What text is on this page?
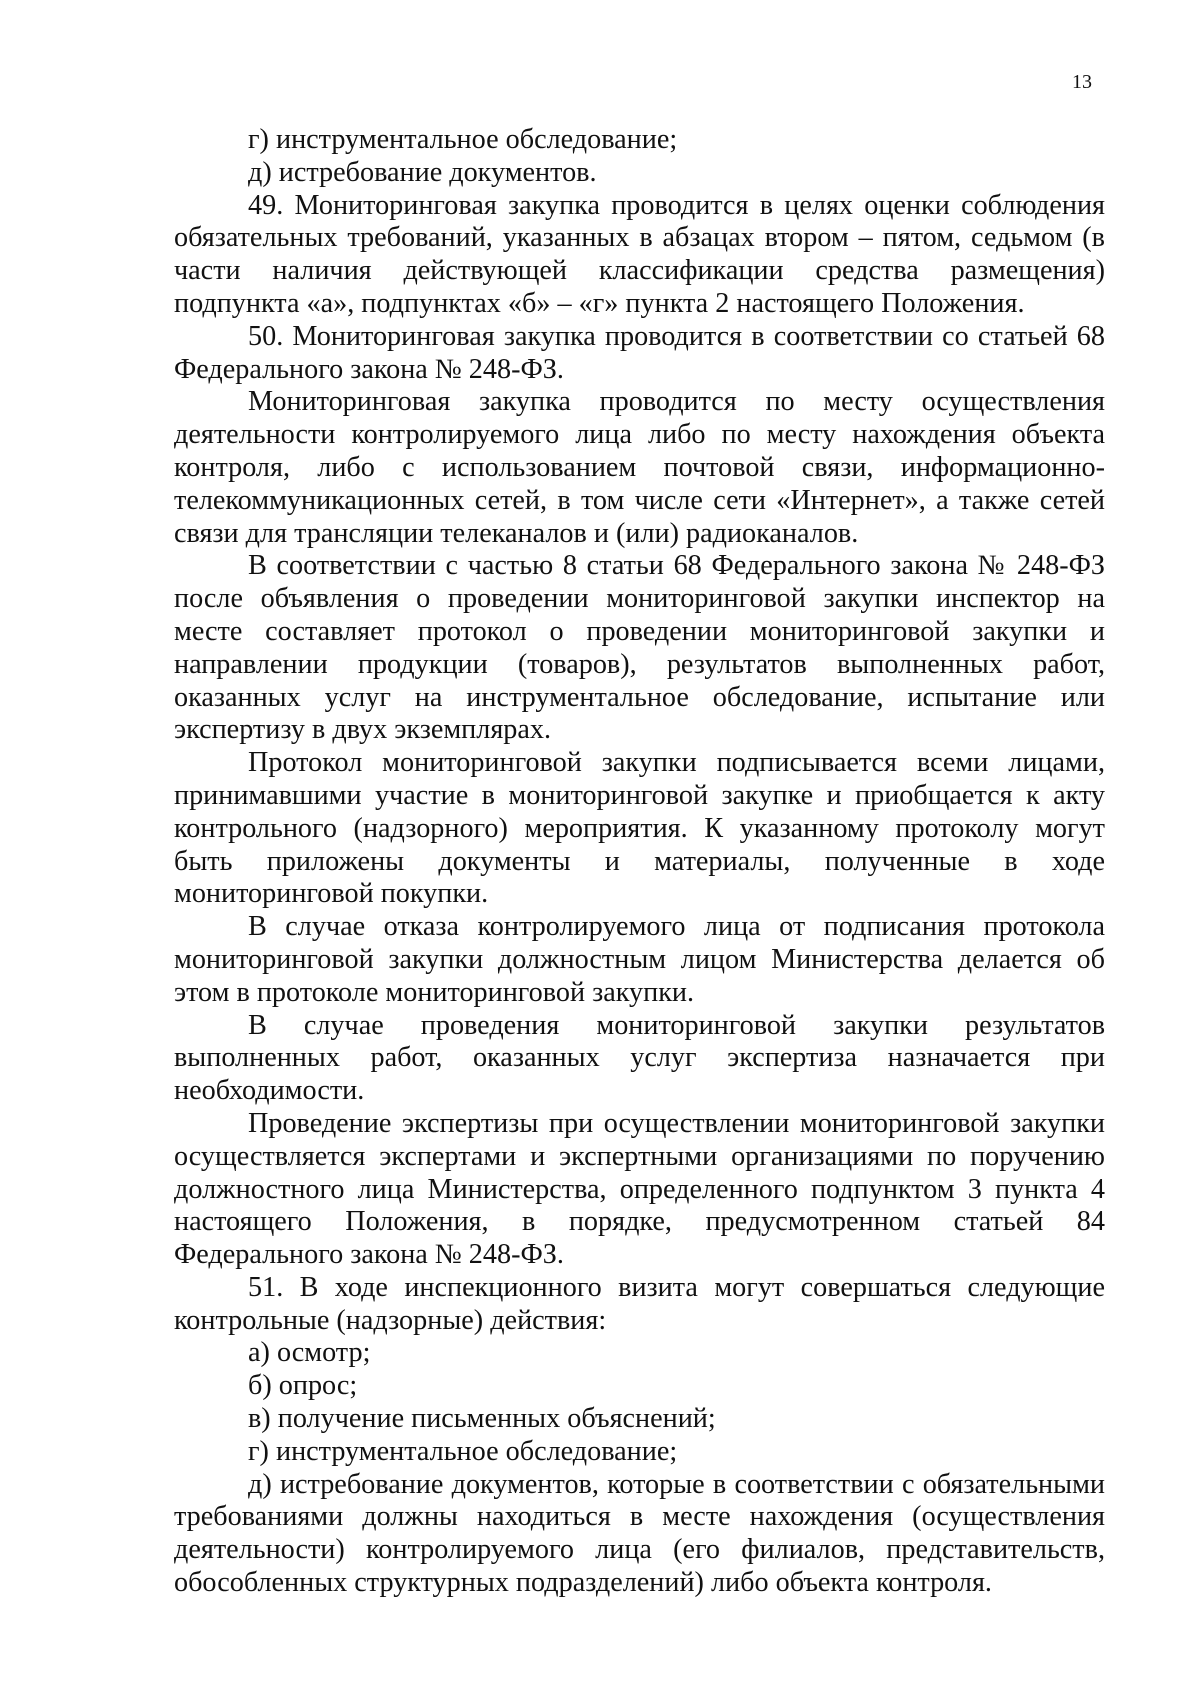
13

г) инструментальное обследование;

д) истребование документов.

49. Мониторинговая закупка проводится в целях оценки соблюдения обязательных требований, указанных в абзацах втором – пятом, седьмом (в части наличия действующей классификации средства размещения) подпункта «а», подпунктах «б» – «г» пункта 2 настоящего Положения.

50. Мониторинговая закупка проводится в соответствии со статьей 68 Федерального закона № 248-ФЗ.

Мониторинговая закупка проводится по месту осуществления деятельности контролируемого лица либо по месту нахождения объекта контроля, либо с использованием почтовой связи, информационно-телекоммуникационных сетей, в том числе сети «Интернет», а также сетей связи для трансляции телеканалов и (или) радиоканалов.

В соответствии с частью 8 статьи 68 Федерального закона № 248-ФЗ после объявления о проведении мониторинговой закупки инспектор на месте составляет протокол о проведении мониторинговой закупки и направлении продукции (товаров), результатов выполненных работ, оказанных услуг на инструментальное обследование, испытание или экспертизу в двух экземплярах.

Протокол мониторинговой закупки подписывается всеми лицами, принимавшими участие в мониторинговой закупке и приобщается к акту контрольного (надзорного) мероприятия. К указанному протоколу могут быть приложены документы и материалы, полученные в ходе мониторинговой покупки.

В случае отказа контролируемого лица от подписания протокола мониторинговой закупки должностным лицом Министерства делается об этом в протоколе мониторинговой закупки.

В случае проведения мониторинговой закупки результатов выполненных работ, оказанных услуг экспертиза назначается при необходимости.

Проведение экспертизы при осуществлении мониторинговой закупки осуществляется экспертами и экспертными организациями по поручению должностного лица Министерства, определенного подпунктом 3 пункта 4 настоящего Положения, в порядке, предусмотренном статьей 84 Федерального закона № 248-ФЗ.

51. В ходе инспекционного визита могут совершаться следующие контрольные (надзорные) действия:

а) осмотр;

б) опрос;

в) получение письменных объяснений;

г) инструментальное обследование;

д) истребование документов, которые в соответствии с обязательными требованиями должны находиться в месте нахождения (осуществления деятельности) контролируемого лица (его филиалов, представительств, обособленных структурных подразделений) либо объекта контроля.
